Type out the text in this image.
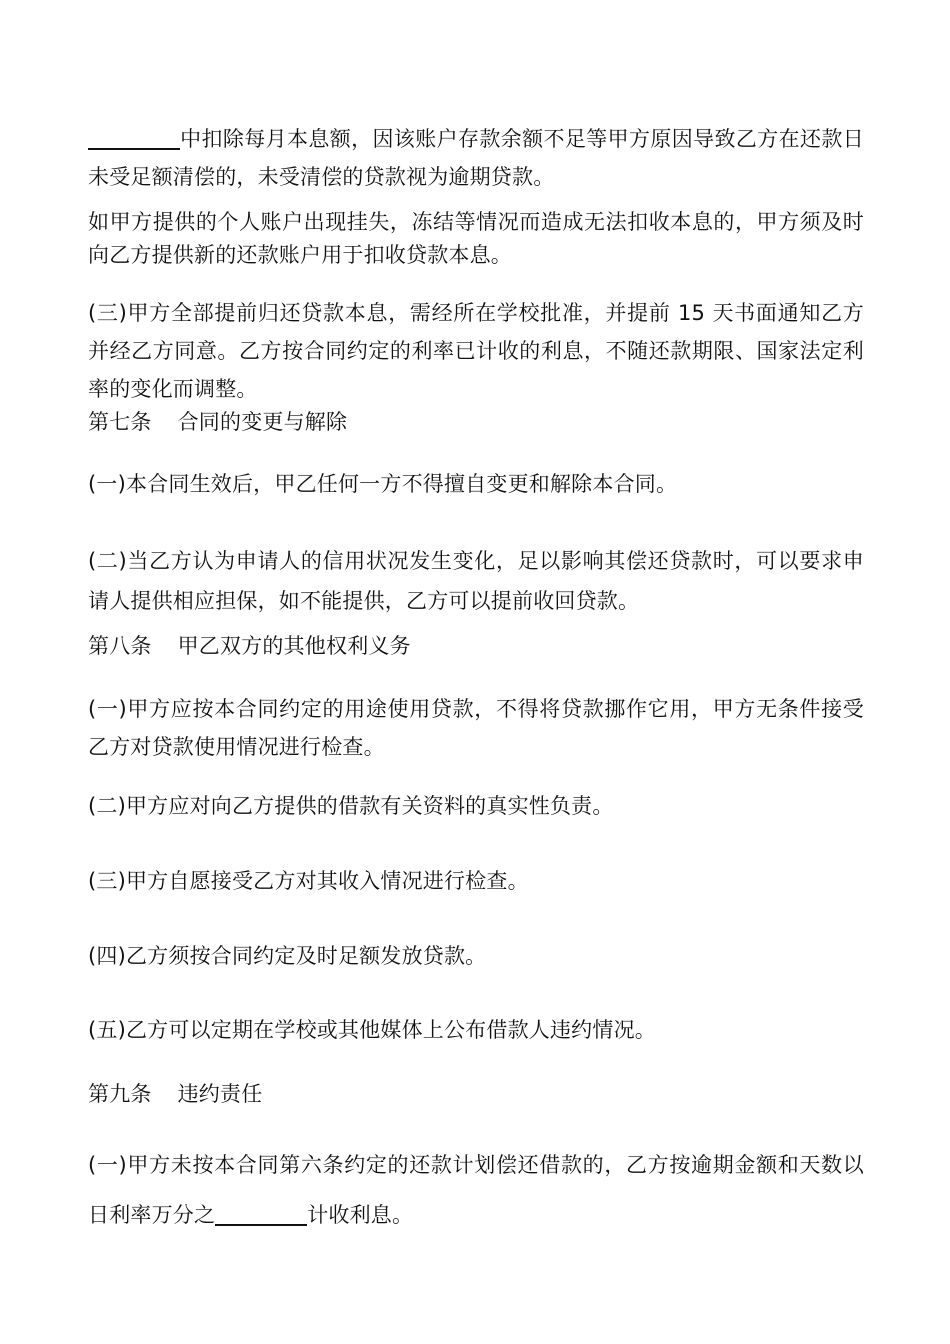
中扣除每月本息额，因该账户存款余额不足等甲方原因导致乙方在还款日未受足额清偿的，未受清偿的贷款视为逾期贷款。

如甲方提供的个人账户出现挂失，冻结等情况而造成无法扣收本息的，甲方须及时向乙方提供新的还款账户用于扣收贷款本息。

(三)甲方全部提前归还贷款本息，需经所在学校批准，并提前 15 天书面通知乙方并经乙方同意。乙方按合同约定的利率已计收的利息，不随还款期限、国家法定利率的变化而调整。

第七条 合同的变更与解除

(一)本合同生效后，甲乙任何一方不得擅自变更和解除本合同。

(二)当乙方认为申请人的信用状况发生变化，足以影响其偿还贷款时，可以要求申请人提供相应担保，如不能提供，乙方可以提前收回贷款。

第八条 甲乙双方的其他权利义务

(一)甲方应按本合同约定的用途使用贷款，不得将贷款挪作它用，甲方无条件接受乙方对贷款使用情况进行检查。

(二)甲方应对向乙方提供的借款有关资料的真实性负责。

(三)甲方自愿接受乙方对其收入情况进行检查。

(四)乙方须按合同约定及时足额发放贷款。

(五)乙方可以定期在学校或其他媒体上公布借款人违约情况。

第九条 违约责任

(一)甲方未按本合同第六条约定的还款计划偿还借款的，乙方按逾期金额和天数以日利率万分之	计收利息。
